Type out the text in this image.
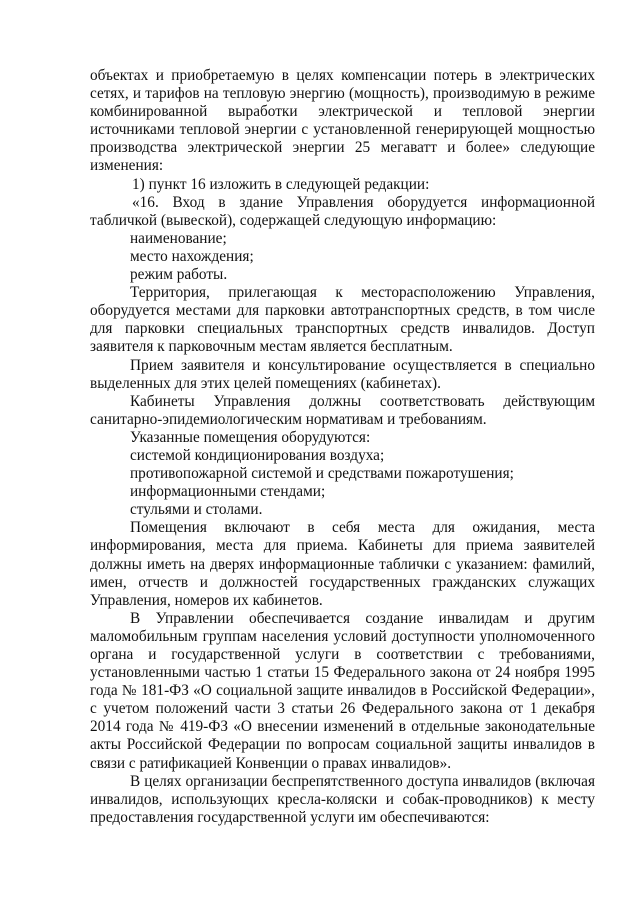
объектах и приобретаемую в целях компенсации потерь в электрических

сетях, и тарифов на тепловую энергию (мощность), производимую в режиме

комбинированной выработки электрической и тепловой энергии

источниками тепловой энергии с установленной генерирующей мощностью

производства электрической энергии 25 мегаватт и более» следующие

изменения:

1) пункт 16 изложить в следующей редакции:

«16. Вход в здание Управления оборудуется информационной

табличкой (вывеской), содержащей следующую информацию:

наименование;

место нахождения;

режим работы.

Территория, прилегающая к месторасположению Управления,

оборудуется местами для парковки автотранспортных средств, в том числе

для парковки специальных транспортных средств инвалидов. Доступ

заявителя к парковочным местам является бесплатным.

Прием заявителя и консультирование осуществляется в специально

выделенных для этих целей помещениях (кабинетах).

Кабинеты Управления должны соответствовать действующим

санитарно-эпидемиологическим нормативам и требованиям.

Указанные помещения оборудуются:

системой кондиционирования воздуха;

противопожарной системой и средствами пожаротушения;

информационными стендами;

стульями и столами.

Помещения включают в себя места для ожидания, места

информирования, места для приема. Кабинеты для приема заявителей

должны иметь на дверях информационные таблички с указанием: фамилий,

имен, отчеств и должностей государственных гражданских служащих

Управления, номеров их кабинетов.

В Управлении обеспечивается создание инвалидам и другим

маломобильным группам населения условий доступности уполномоченного

органа и государственной услуги в соответствии с требованиями,

установленными частью 1 статьи 15 Федерального закона от 24 ноября 1995

года № 181-ФЗ «О социальной защите инвалидов в Российской Федерации»,

с учетом положений части 3 статьи 26 Федерального закона от 1 декабря

2014 года № 419-ФЗ «О внесении изменений в отдельные законодательные

акты Российской Федерации по вопросам социальной защиты инвалидов в

связи с ратификацией Конвенции о правах инвалидов».

В целях организации беспрепятственного доступа инвалидов (включая

инвалидов, использующих кресла-коляски и собак-проводников) к месту

предоставления государственной услуги им обеспечиваются:
